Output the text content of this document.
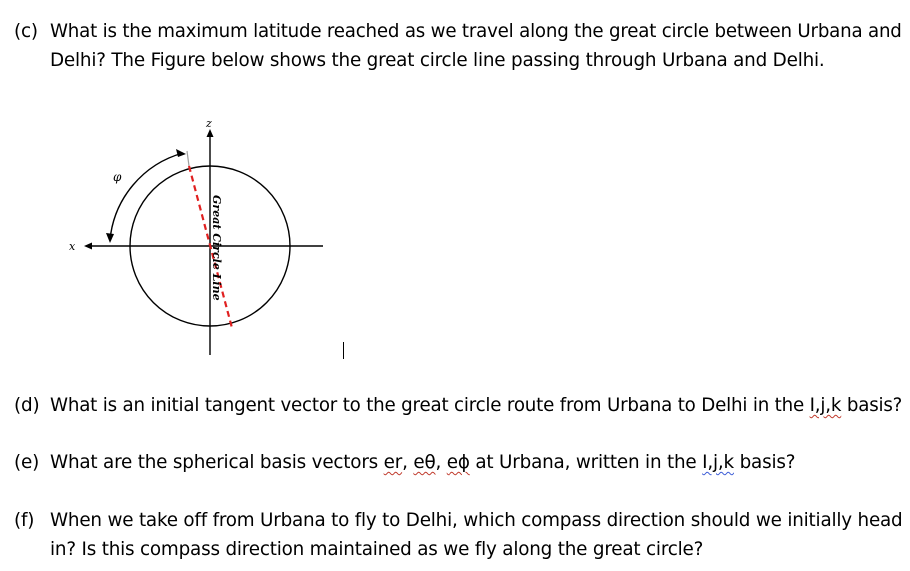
(c) What is the maximum latitude reached as we travel along the great circle between Urbana and
Delhi? The Figure below shows the great circle line passing through Urbana and Delhi.
z
x
φ
Great Circle Line
(d) What is an initial tangent vector to the great circle route from Urbana to Delhi in the I,j,k basis?
(e) What are the spherical basis vectors er, eθ, eϕ at Urbana, written in the I,j,k basis?
(f) When we take off from Urbana to fly to Delhi, which compass direction should we initially head
in? Is this compass direction maintained as we fly along the great circle?
